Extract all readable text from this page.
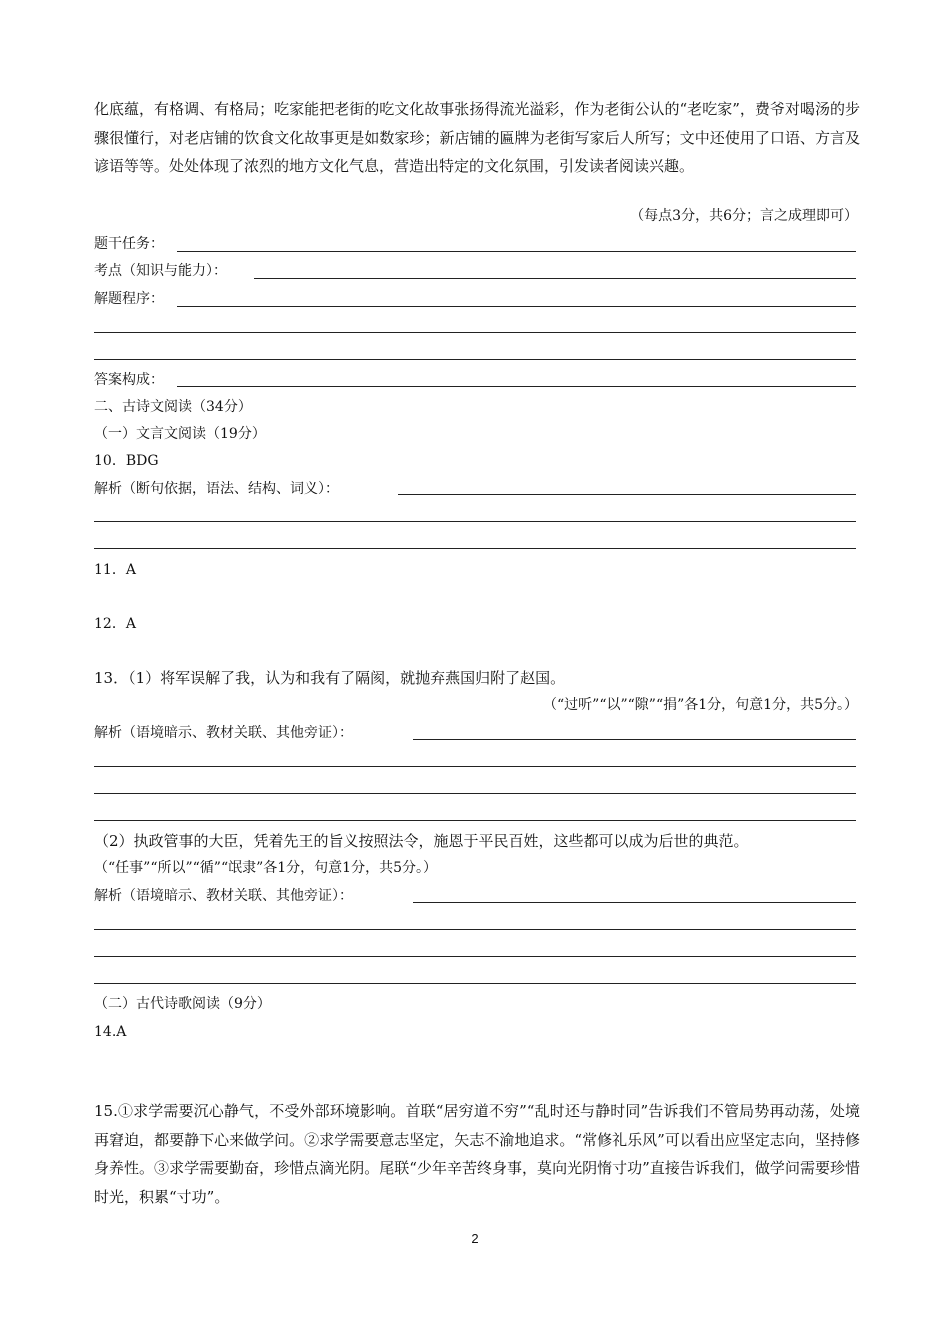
化底蕴，有格调、有格局；吃家能把老街的吃文化故事张扬得流光溢彩，作为老街公认的“老吃家”，费爷对喝汤的步骤很懂行，对老店铺的饮食文化故事更是如数家珍；新店铺的匾牌为老街写家后人所写；文中还使用了口语、方言及谚语等等。处处体现了浓烈的地方文化气息，营造出特定的文化氛围，引发读者阅读兴趣。
（每点3分，共6分；言之成理即可）
题干任务：
考点（知识与能力）：
解题程序：
答案构成：
二、古诗文阅读（34分）
（一）文言文阅读（19分）
10．BDG
解析（断句依据，语法、结构、词义）：
11．A
12．A
13．（1）将军误解了我，认为和我有了隔阂，就抛弃燕国归附了赵国。
（“过听”“以”“隙”“捐”各1分，句意1分，共5分。）
解析（语境暗示、教材关联、其他旁证）：
（2）执政管事的大臣，凭着先王的旨义按照法令，施恩于平民百姓，这些都可以成为后世的典范。
（“任事”“所以”“循”“氓隶”各1分，句意1分，共5分。）
解析（语境暗示、教材关联、其他旁证）：
（二）古代诗歌阅读（9分）
14.A
15.①求学需要沉心静气，不受外部环境影响。首联“居穷道不穷”“乱时还与静时同”告诉我们不管局势再动荡，处境再窘迫，都要静下心来做学问。②求学需要意志坚定，矢志不渝地追求。“常修礼乐风”可以看出应坚定志向，坚持修身养性。③求学需要勤奋，珍惜点滴光阴。尾联“少年辛苦终身事，莫向光阴惰寸功”直接告诉我们，做学问需要珍惜时光，积累“寸功”。
2
